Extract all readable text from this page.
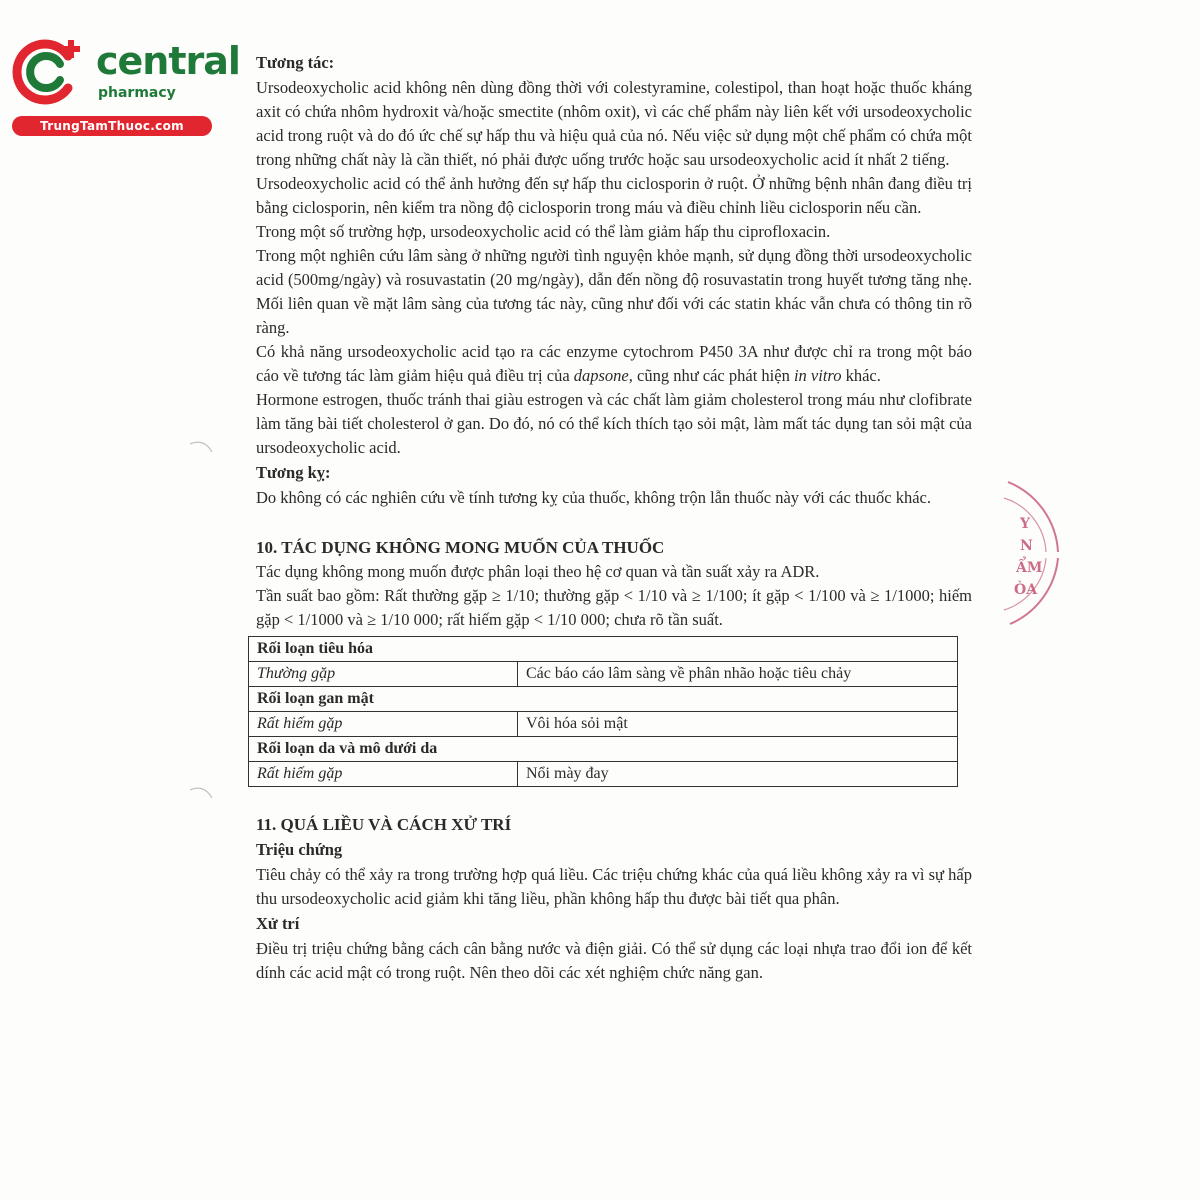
central
pharmacy
TrungTamThuoc.com
Y
N
ẨM
ÒA
Tương tác:

Ursodeoxycholic acid không nên dùng đồng thời với colestyramine, colestipol, than hoạt hoặc thuốc kháng axit có chứa nhôm hydroxit và/hoặc smectite (nhôm oxit), vì các chế phẩm này liên kết với ursodeoxycholic acid trong ruột và do đó ức chế sự hấp thu và hiệu quả của nó. Nếu việc sử dụng một chế phẩm có chứa một trong những chất này là cần thiết, nó phải được uống trước hoặc sau ursodeoxycholic acid ít nhất 2 tiếng.

Ursodeoxycholic acid có thể ảnh hưởng đến sự hấp thu ciclosporin ở ruột. Ở những bệnh nhân đang điều trị bằng ciclosporin, nên kiểm tra nồng độ ciclosporin trong máu và điều chỉnh liều ciclosporin nếu cần.

Trong một số trường hợp, ursodeoxycholic acid có thể làm giảm hấp thu ciprofloxacin.

Trong một nghiên cứu lâm sàng ở những người tình nguyện khỏe mạnh, sử dụng đồng thời ursodeoxycholic acid (500mg/ngày) và rosuvastatin (20 mg/ngày), dẫn đến nồng độ rosuvastatin trong huyết tương tăng nhẹ. Mối liên quan về mặt lâm sàng của tương tác này, cũng như đối với các statin khác vẫn chưa có thông tin rõ ràng.

Có khả năng ursodeoxycholic acid tạo ra các enzyme cytochrom P450 3A như được chỉ ra trong một báo cáo về tương tác làm giảm hiệu quả điều trị của dapsone, cũng như các phát hiện in vitro khác.

Hormone estrogen, thuốc tránh thai giàu estrogen và các chất làm giảm cholesterol trong máu như clofibrate làm tăng bài tiết cholesterol ở gan. Do đó, nó có thể kích thích tạo sỏi mật, làm mất tác dụng tan sỏi mật của ursodeoxycholic acid.

Tương kỵ:

Do không có các nghiên cứu về tính tương kỵ của thuốc, không trộn lẫn thuốc này với các thuốc khác.

10. TÁC DỤNG KHÔNG MONG MUỐN CỦA THUỐC

Tác dụng không mong muốn được phân loại theo hệ cơ quan và tần suất xảy ra ADR.

Tần suất bao gồm: Rất thường gặp ≥ 1/10; thường gặp < 1/10 và ≥ 1/100; ít gặp < 1/100 và ≥ 1/1000; hiếm gặp < 1/1000 và ≥ 1/10 000; rất hiếm gặp < 1/10 000; chưa rõ tần suất.

Rối loạn tiêu hóa	
Thường gặp	Các báo cáo lâm sàng về phân nhão hoặc tiêu chảy
Rối loạn gan mật	
Rất hiếm gặp	Vôi hóa sỏi mật
Rối loạn da và mô dưới da	
Rất hiếm gặp	Nổi mày đay
11. QUÁ LIỀU VÀ CÁCH XỬ TRÍ
Triệu chứng

Tiêu chảy có thể xảy ra trong trường hợp quá liều. Các triệu chứng khác của quá liều không xảy ra vì sự hấp thu ursodeoxycholic acid giảm khi tăng liều, phần không hấp thu được bài tiết qua phân.

Xử trí

Điều trị triệu chứng bằng cách cân bằng nước và điện giải. Có thể sử dụng các loại nhựa trao đổi ion để kết dính các acid mật có trong ruột. Nên theo dõi các xét nghiệm chức năng gan.
